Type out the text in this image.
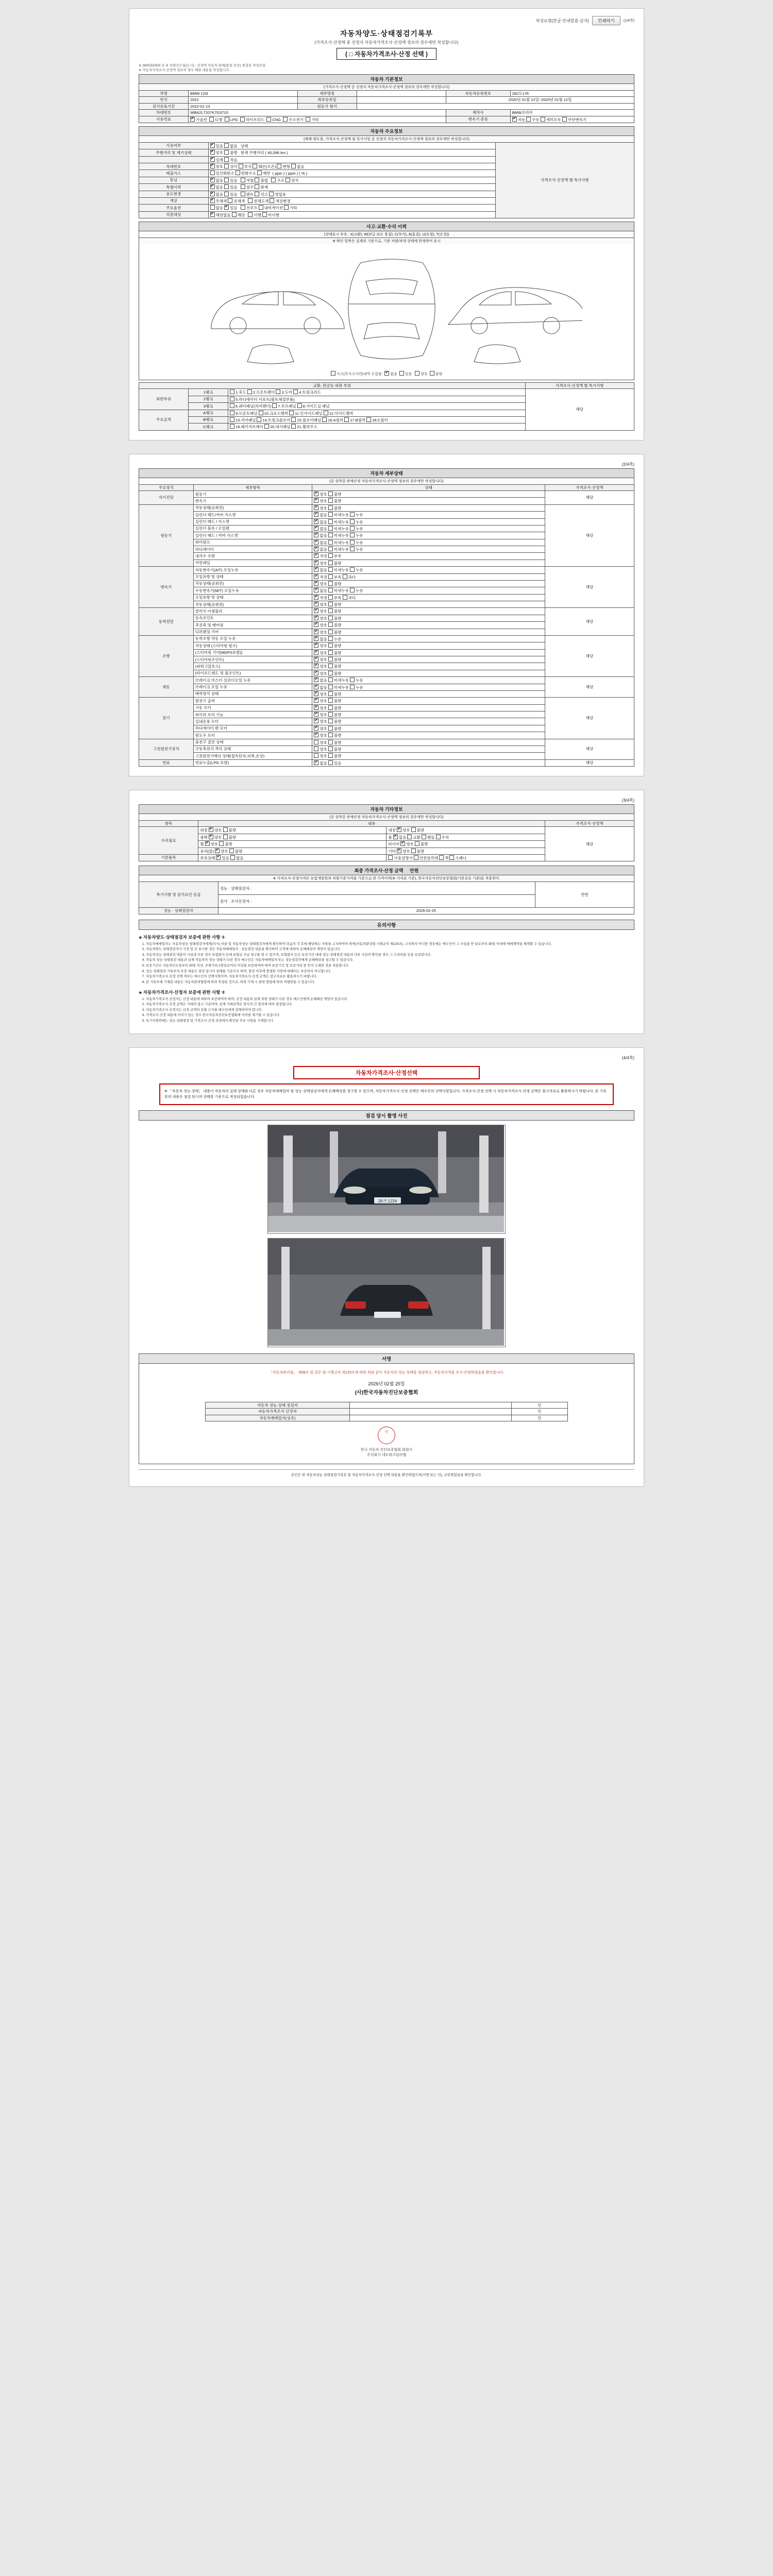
작성요령(한글·안내말씀·글자)	인쇄하기	(1/4쪽)
자동차양도·상태점검기록부
(가격조사·산정액 중 선정자 자동차가격조사·산정액 정보의 경우에만 작성합니다)
( □ 자동차가격조사·산정 선택 )
※ 3600회0000 호 ※ 차량인도일(도시) : 선정액 자동차 판매(품질·보증) 점검표 작성요일
※ 자동차가격조사·산정액 정보의 경우 해당 내용을 작성합니다.
자동차 기본정보
(가격조사·산정액 중 선정자 자동차가격조사·산정액 정보의 경우에만 작성합니다)
차명	BMW 120i	세부명칭		자동차등록번호	262도176
연식	2022	최초등록일		2020년 01월 12일~2020년 01월 12일	
검사유효기간	2022-01-13	원동기 형식			
차대번호	WBA2L7207K7G3710			제작사	BMW코리아
사용연료	✔가솔린 디젤 LPG 하이브리드 CNG 수소전기 기타			변속기 종류	✔자동 수동 세미오토 무단변속기
자동차 주요정보
(매매·양도용, 가격조사·산정액 및 특가사업 중 선정자 자동차가격조사·산정액 정보의 경우에만 작성합니다)
사용여부	✔있음 없음 상태	가격조사·산정액 별 특기사항
주행거리 및 계기상태	✔양호 불량 현재 주행거리 ( 40,096 km )
	✔실제 적음
차대번호	✔양호 상이 부식 훼손(오손) 변형 없음
배출가스	일산화탄소 탄화수소 매연 ( ppm ) ( ppm ) ( % )	
튜닝	✔없음 있음 적법 불법 구조 장치
특별이력	✔없음 있음 침수 화재
용도변경	✔없음 있음 렌트 리스 영업용
색상	✔무채색 유채색 전체도색 색상변경
주요옵션	없음 ✔ 있음 선루프 내비게이션 기타
리콜대상	✔해당없음 해당 이행 미이행
사고·교환·수리 이력
(상태표시 부호 : X(교환), W(판금 또는 용접), C(부식), A(흠집), U(요철), T(손상))
※ 하단 항목은 실제의 기준으로, 기준 차량/차대 상태에 한정하여 표시
사고(무사고이력)내역 수집됨 ✔ 없음 있음 양호 불량
교환, 판금등 외판 부위			가격조사·산정액 별 특기사항
외판부위	1랭크	1.후드 2.프론트펜더 3.도어 4.트렁크리드	해당
	2랭크	5.라디에이터 서포트(볼트체결부품)	
	3랭크	6.쿼터패널(리어펜더) 7.루프패널 8.사이드실 패널	
주요골격	A랭크	9.프론트패널 10.크로스멤버 11.인사이드패널 12.사이드멤버	
	B랭크	13.리어패널 14.트렁크플로어 15.플로어패널 16.A필러 17.B필러 18.C필러	
	C랭크	19.패키지트레이 20.대시패널 21.휠하우스	
(2/4쪽)
자동차 세부상태
(중 장착중 판매산정 자동차가격조사·산정액 정보의 경우에만 작성합니다)
주요장치	세부항목	상태	가격조사·산정액
자기진단	원동기	✔양호 불량	해당
	변속기	✔양호 불량
원동기	작동상태(공회전)	✔양호 불량	해당
	실린더 헤드/커버 가스켓	✔없음 미세누유 누유
	실린더 헤드 / 가스켓	✔없음 미세누유 누유
	실린더 블록 / 오일팬	✔없음 미세누유 누유
	실린더 헤드 / 커버 가스켓	✔없음 미세누유 누유
	워터펌프	✔없음 미세누유 누유
	라디에이터	✔없음 미세누유 누유
	냉각수 수량	✔적정 부족
	커먼레일	✔양호 불량
변속기	자동변속기(A/T) 오일누유	✔없음 미세누유 누유	해당
	오일유량 및 상태	✔적정 부족 과다
	작동상태(공회전)	✔양호 불량
	수동변속기(M/T) 오일누유	✔없음 미세누유 누유
	오일유량 및 상태	✔적정 부족 과다
	작동상태(공회전)	✔양호 불량
동력전달	클러치 어셈블리	✔양호 불량	해당
	등속조인트	✔양호 불량
	추진축 및 베어링	✔양호 불량
	디퍼렌셜 기어	✔양호 불량
조향	동력조향 작동 오일 누유	✔없음 누유	해당
	작동상태 (스티어링 펌프)	✔양호 불량
	(스티어링 기어(MDPS포함))	✔양호 불량
	(스티어링조인트)	✔양호 불량
	(파워고압호스)	✔양호 불량
	(타이로드엔드 및 볼조인트)	✔양호 불량
제동	브레이크 마스터 실린더오일 누유	✔없음 미세누유 누유	해당
	브레이크 오일 누유	✔없음 미세누유 누유
	배력장치 상태	✔양호 불량
전기	발전기 출력	✔양호 불량	해당
	시동 모터	✔양호 불량
	와이퍼 모터 기능	✔양호 불량
	실내송풍 모터	✔양호 불량
	라디에이터 팬 모터	✔양호 불량
	윈도우 모터	✔양호 불량
고전원전기장치	충전구 절연 상태	양호 불량	해당
	구동축전지 격리 상태	양호 불량	
	고전원전기배선 상태(접속단자,피복,손상)	양호 불량	
연료	연료누출(LPG 포함)	✔없음 있음	해당
(3/4쪽)
자동차 기타정보
(중 장착중 판매산정 자동차가격조사·산정액 정보의 경우에만 작성합니다)
항목	내용		가격조사·산정액
수리필요	외장 ✔ 양호 불량	내장 ✔ 양호 불량	해당
	광택 ✔ 양호 불량	룸 ✔ 없음 교환 핸들 수리
	휠 ✔ 양호 불량	타이어 ✔ 양호 불량
	유리(앞) ✔ 양호 불량	기타 ✔ 양호 불량
기본품목	보유상태 ✔ 있음 없음	사용설명서 안전삼각대 잭 스패너	
최종 가격조사·산정 금액 만원
※ 가격조사·산정가격은 보험개발원의 차량기준가격을 기준으로 한 가격이며(※ 가격표 기준), 한국자동차진단보증협회(기준공표 기준)를 적용한다.
특기사항 및 감가요인 등급	성능 · 상태점검자 :	연번
	검사 · 조사산정자 :	
성능 · 상태점검자	2026-02-25	
유의사항
◈ 자동차양도·상태점검자 보증에 관한 사항 ①
1. 자동차매매업자는 자동차성능·상태점검자에게(지시) 서류 및 자동차성능·상태점검자에게 확인하여 다음의 각 호에 해당하는 사항을 고지하여야 하며(자동차관리법 시행규칙 제120조), 고지하지 아니한 경우에는 매수인이 그 사실을 안 날로부터 30일 이내에 매매계약을 해제할 수 있습니다.
2. 자동차양도·상태점검자가 거짓 및 오 표시한 것은 자동차매매업자 · 성능점검 내용을 확인하여 고객에 대하여 손해배상의 책임이 있습니다.
3. 자동차성능·상태점검 내용이 사실과 다른 경우 보험회사 등에 보험금 지급 청구를 할 수 있으며, 보험회사 등은 보증기간 내에 성능·상태점검 내용과 다른 사실이 확인된 경우 그 수리비용 등을 보상합니다.
4. 자동차 성능·상태점검 내용과 실제 자동차의 성능·상태가 다른 경우 매수인은 자동차매매업자 또는 성능점검자에게 손해배상을 청구할 수 있습니다.
5. 보증기간은 자동차인도일부터 30일 이상, 주행거리 2천킬로미터 이상을 보증하여야 하며 보증기간 및 보증거리 중 먼저 도래한 것을 적용합니다.
6. 성능·상태점검 기록부의 보증 내용은 점검 당시의 상태를 기준으로 하며, 점검 이후에 발생한 사항에 대해서는 보증하지 아니합니다.
7. 자동차가격조사·산정 선택 여부는 매수인의 선택사항이며, 자동차가격조사·산정 금액은 참고자료로 활용하시기 바랍니다.
8. 본 기록부에 기재된 내용은 자동차관리법령에 따라 작성된 것으로, 허위 기재 시 관련 법령에 따라 처벌받을 수 있습니다.
◈ 자동차가격조사·산정자 보증에 관한 사항 ②
1. 자동차가격조사·산정자는 산정 내용에 대하여 보증하여야 하며, 산정 내용과 실제 차량 상태가 다른 경우 매수인에게 손해배상 책임이 있습니다.
2. 자동차가격조사·산정 금액은 거래의 참고 기준이며, 실제 거래금액은 당사자 간 합의에 따라 결정됩니다.
3. 자동차가격조사·산정자는 산정 금액의 산출 근거를 매수인에게 설명하여야 합니다.
4. 가격조사·산정 내용에 이의가 있는 경우 한국자동차진단보증협회에 이의를 제기할 수 있습니다.
5. 특기사항란에는 성능·상태점검 및 가격조사·산정 과정에서 확인된 주요 사항을 기재합니다.
(4/4쪽)
자동차가격조사·산정선택
※ 「자동차 성능·상태」 내용이 자동차의 실제 상태와 다른 경우 자동차매매업자 및 성능·상태점검자에게 손해배상을 청구할 수 있으며, 자동차가격조사·산정 선택은 매수인의 선택사항입니다. 가격조사·산정 선택 시 자동차가격조사·산정 금액은 참고자료로 활용하시기 바랍니다. 본 기록부의 내용은 점검 당시의 상태를 기준으로 작성되었습니다.
점검 당시 촬영 사진
26가 1234
서명
「자동차관리법」 제58조 및 같은 법 시행규칙 제120조에 따라 위와 같이 자동차의 성능·상태를 점검하고, 자동차가격을 조사·산정하였음을 확인합니다.
2026년 02월 25일
(사)한국자동차진단보증협회
자동차 성능·상태 점검자		인
자동차가격조사·산정자		인
자동차매매업자(상호)		인
인
한국 자동차 진단보증협회 회원사
주식회사 네트워크딜러랩
본인은 위 자동차성능·상태점검기록부 및 자동차가격조사·산정 선택 내용을 확인하였으며(서명 또는 인), 교부받았음을 확인합니다.
